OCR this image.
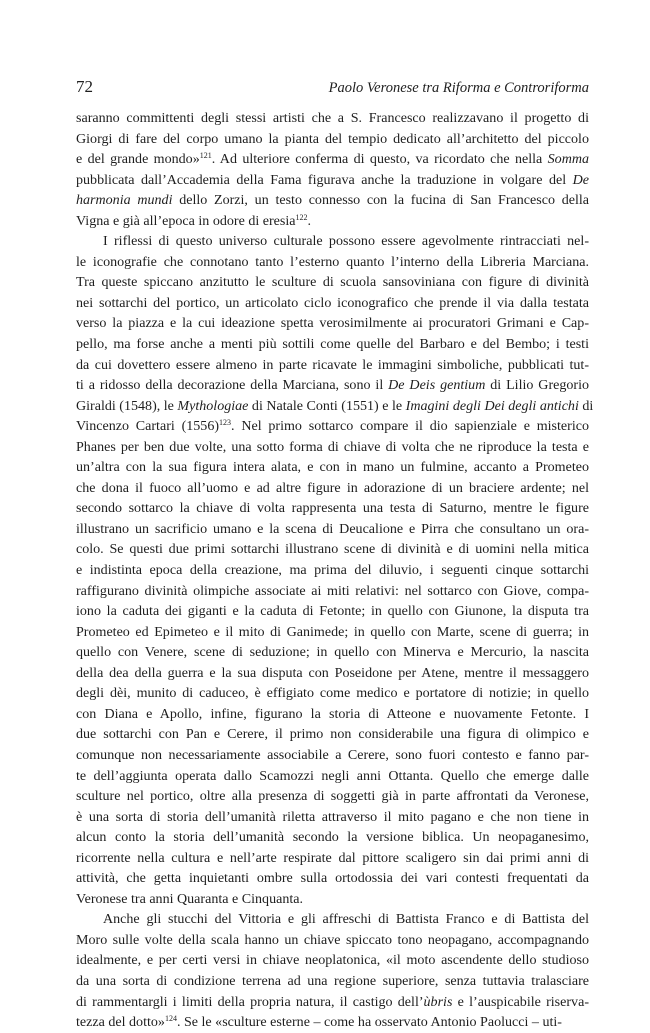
72	Paolo Veronese tra Riforma e Controriforma
saranno committenti degli stessi artisti che a S. Francesco realizzavano il progetto di
Giorgi di fare del corpo umano la pianta del tempio dedicato all’architetto del piccolo
e del grande mondo»$^{121}$. Ad ulteriore conferma di questo, va ricordato che nella Somma
pubblicata dall’Accademia della Fama figurava anche la traduzione in volgare del De
harmonia mundi dello Zorzi, un testo connesso con la fucina di San Francesco della
Vigna e già all’epoca in odore di eresia$^{122}$.
I riflessi di questo universo culturale possono essere agevolmente rintracciati nel-
le iconografie che connotano tanto l’esterno quanto l’interno della Libreria Marciana.
Tra queste spiccano anzitutto le sculture di scuola sansoviniana con figure di divinità
nei sottarchi del portico, un articolato ciclo iconografico che prende il via dalla testata
verso la piazza e la cui ideazione spetta verosimilmente ai procuratori Grimani e Cap-
pello, ma forse anche a menti più sottili come quelle del Barbaro e del Bembo; i testi
da cui dovettero essere almeno in parte ricavate le immagini simboliche, pubblicati tut-
ti a ridosso della decorazione della Marciana, sono il De Deis gentium di Lilio Gregorio
Giraldi (1548), le Mythologiae di Natale Conti (1551) e le Imagini degli Dei degli antichi di
Vincenzo Cartari $(1556)^{123}$. Nel primo sottarco compare il dio sapienziale e misterico
Phanes per ben due volte, una sotto forma di chiave di volta che ne riproduce la testa e
un’altra con la sua figura intera alata, e con in mano un fulmine, accanto a Prometeo
che dona il fuoco all’uomo e ad altre figure in adorazione di un braciere ardente; nel
secondo sottarco la chiave di volta rappresenta una testa di Saturno, mentre le figure
illustrano un sacrificio umano e la scena di Deucalione e Pirra che consultano un ora-
colo. Se questi due primi sottarchi illustrano scene di divinità e di uomini nella mitica
e indistinta epoca della creazione, ma prima del diluvio, i seguenti cinque sottarchi
raffigurano divinità olimpiche associate ai miti relativi: nel sottarco con Giove, compa-
iono la caduta dei giganti e la caduta di Fetonte; in quello con Giunone, la disputa tra
Prometeo ed Epimeteo e il mito di Ganimede; in quello con Marte, scene di guerra; in
quello con Venere, scene di seduzione; in quello con Minerva e Mercurio, la nascita
della dea della guerra e la sua disputa con Poseidone per Atene, mentre il messaggero
degli dèi, munito di caduceo, è effigiato come medico e portatore di notizie; in quello
con Diana e Apollo, infine, figurano la storia di Atteone e nuovamente Fetonte. I
due sottarchi con Pan e Cerere, il primo non considerabile una figura di olimpico e
comunque non necessariamente associabile a Cerere, sono fuori contesto e fanno par-
te dell’aggiunta operata dallo Scamozzi negli anni Ottanta. Quello che emerge dalle
sculture nel portico, oltre alla presenza di soggetti già in parte affrontati da Veronese,
è una sorta di storia dell’umanità riletta attraverso il mito pagano e che non tiene in
alcun conto la storia dell’umanità secondo la versione biblica. Un neopaganesimo,
ricorrente nella cultura e nell’arte respirate dal pittore scaligero sin dai primi anni di
attività, che getta inquietanti ombre sulla ortodossia dei vari contesti frequentati da
Veronese tra anni Quaranta e Cinquanta.
Anche gli stucchi del Vittoria e gli affreschi di Battista Franco e di Battista del
Moro sulle volte della scala hanno un chiave spiccato tono neopagano, accompagnando
idealmente, e per certi versi in chiave neoplatonica, «il moto ascendente dello studioso
da una sorta di condizione terrena ad una regione superiore, senza tuttavia tralasciare
di rammentargli i limiti della propria natura, il castigo dell’ùbris e l’auspicabile riserva-
tezza del dotto»$^{124}$. Se le «sculture esterne – come ha osservato Antonio Paolucci – uti-
